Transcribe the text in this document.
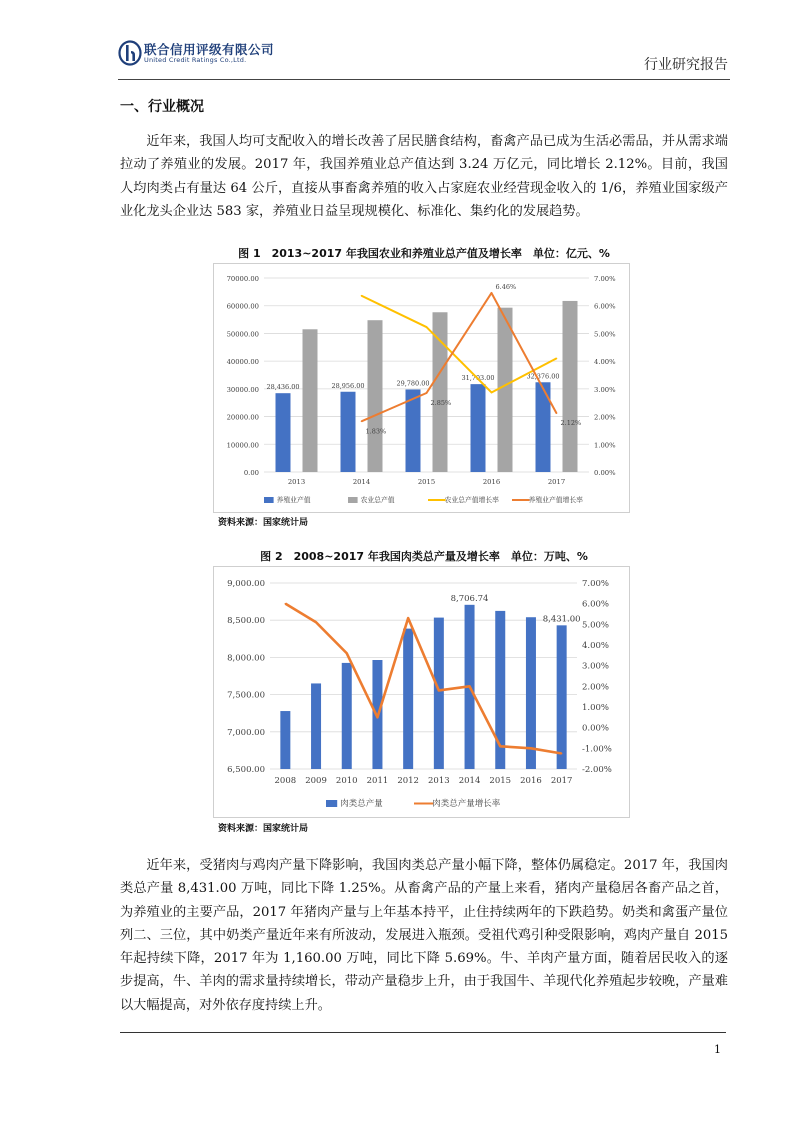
联合信用评级有限公司
United Credit Ratings Co.,Ltd.	行业研究报告
一、行业概况

近年来，我国人均可支配收入的增长改善了居民膳食结构，畜禽产品已成为生活必需品，并从需求端拉动了养殖业的发展。2017 年，我国养殖业总产值达到 3.24 万亿元，同比增长 2.12%。目前，我国人均肉类占有量达 64 公斤，直接从事畜禽养殖的收入占家庭农业经营现金收入的 1/6，养殖业国家级产业化龙头企业达 583 家，养殖业日益呈现规模化、标准化、集约化的发展趋势。

图 1　2013~2017 年我国农业和养殖业总产值及增长率　单位：亿元、%
0.00
10000.00
20000.00
30000.00
40000.00
50000.00
60000.00
70000.00
0.00%
1.00%
2.00%
3.00%
4.00%
5.00%
6.00%
7.00%
2013	2014	2015	2016	2017
28,436.00	28,956.00	29,780.00
31,703.00	32,376.00
1.83%
2.85%
6.46%
2.12%
养殖业产值	农业总产值	农业总产值增长率	养殖业产值增长率
资料来源：国家统计局
图 2　2008~2017 年我国肉类总产量及增长率　单位：万吨、%
6,500.00
7,000.00
7,500.00
8,000.00
8,500.00
9,000.00
-2.00%
-1.00%
0.00%
1.00%
2.00%
3.00%
4.00%
5.00%
6.00%
7.00%
2008 2009 2010 2011 2012 2013 2014 2015 2016 2017
8,706.74
8,431.00
肉类总产量	肉类总产量增长率
资料来源：国家统计局

近年来，受猪肉与鸡肉产量下降影响，我国肉类总产量小幅下降，整体仍属稳定。2017 年，我国肉类总产量 8,431.00 万吨，同比下降 1.25%。从畜禽产品的产量上来看，猪肉产量稳居各畜产品之首，为养殖业的主要产品，2017 年猪肉产量与上年基本持平，止住持续两年的下跌趋势。奶类和禽蛋产量位列二、三位，其中奶类产量近年来有所波动，发展进入瓶颈。受祖代鸡引种受限影响，鸡肉产量自 2015 年起持续下降，2017 年为 1,160.00 万吨，同比下降 5.69%。牛、羊肉产量方面，随着居民收入的逐步提高，牛、羊肉的需求量持续增长，带动产量稳步上升，由于我国牛、羊现代化养殖起步较晚，产量难以大幅提高，对外依存度持续上升。

1
